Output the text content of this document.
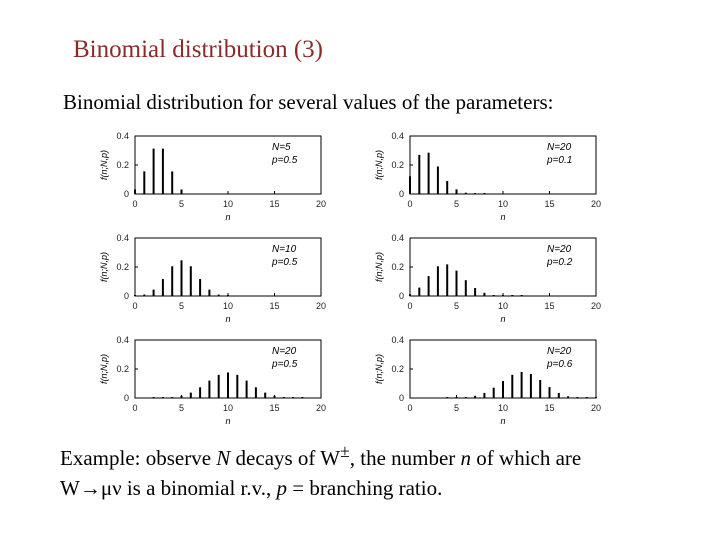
Binomial distribution (3)
Binomial distribution for several values of the parameters:
0	5	10	15	20
0
0.2
0.4
n
f(n;N,p)
N=5
p=0.5
0	5	10	15	20
0
0.2
0.4
n
f(n;N,p)
N=20
p=0.1
0	5	10	15	20
0
0.2
0.4
n
f(n;N,p)
N=10
p=0.5
0	5	10	15	20
0
0.2
0.4
n
f(n;N,p)
N=20
p=0.2
0	5	10	15	20
0
0.2
0.4
n
f(n;N,p)
N=20
p=0.5
0	5	10	15	20
0
0.2
0.4
n
f(n;N,p)
N=20
p=0.6
Example: observe N decays of W±, the number n of which are
W→μν is a binomial r.v., p = branching ratio.
